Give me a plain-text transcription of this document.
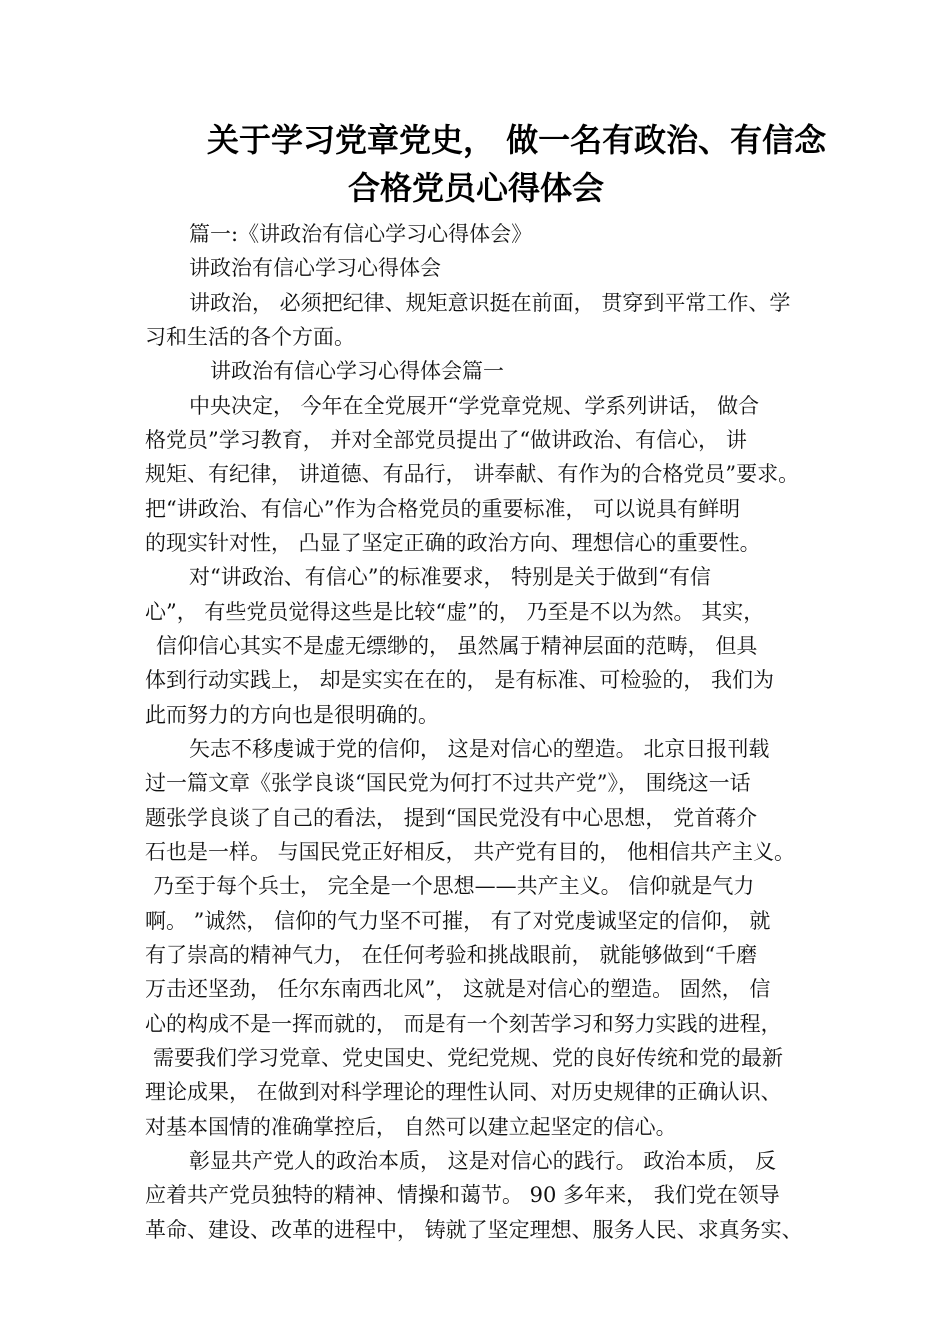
关于学习党章党史， 做一名有政治、有信念
合格党员心得体会
篇一:《讲政治有信心学习心得体会》
讲政治有信心学习心得体会
讲政治， 必须把纪律、规矩意识挺在前面， 贯穿到平常工作、学
习和生活的各个方面。
讲政治有信心学习心得体会篇一
中央决定， 今年在全党展开“学党章党规、学系列讲话， 做合
格党员”学习教育， 并对全部党员提出了“做讲政治、有信心， 讲
规矩、有纪律， 讲道德、有品行， 讲奉献、有作为的合格党员”要求。
把“讲政治、有信心”作为合格党员的重要标准， 可以说具有鲜明
的现实针对性， 凸显了坚定正确的政治方向、理想信心的重要性。
对“讲政治、有信心”的标准要求， 特别是关于做到“有信
心”， 有些党员觉得这些是比较“虚”的， 乃至是不以为然。 其实，
信仰信心其实不是虚无缥缈的， 虽然属于精神层面的范畴， 但具
体到行动实践上， 却是实实在在的， 是有标准、可检验的， 我们为
此而努力的方向也是很明确的。
矢志不移虔诚于党的信仰， 这是对信心的塑造。 北京日报刊载
过一篇文章《张学良谈“国民党为何打不过共产党”》， 围绕这一话
题张学良谈了自己的看法， 提到“国民党没有中心思想， 党首蒋介
石也是一样。 与国民党正好相反， 共产党有目的， 他相信共产主义。
乃至于每个兵士， 完全是一个思想——共产主义。 信仰就是气力
啊。 ”诚然， 信仰的气力坚不可摧， 有了对党虔诚坚定的信仰， 就
有了崇高的精神气力， 在任何考验和挑战眼前， 就能够做到“千磨
万击还坚劲， 任尔东南西北风”， 这就是对信心的塑造。 固然， 信
心的构成不是一挥而就的， 而是有一个刻苦学习和努力实践的进程，
需要我们学习党章、党史国史、党纪党规、党的良好传统和党的最新
理论成果， 在做到对科学理论的理性认同、对历史规律的正确认识、
对基本国情的准确掌控后， 自然可以建立起坚定的信心。
彰显共产党人的政治本质， 这是对信心的践行。 政治本质， 反
应着共产党员独特的精神、情操和蔼节。 90 多年来， 我们党在领导
革命、建设、改革的进程中， 铸就了坚定理想、服务人民、求真务实、
